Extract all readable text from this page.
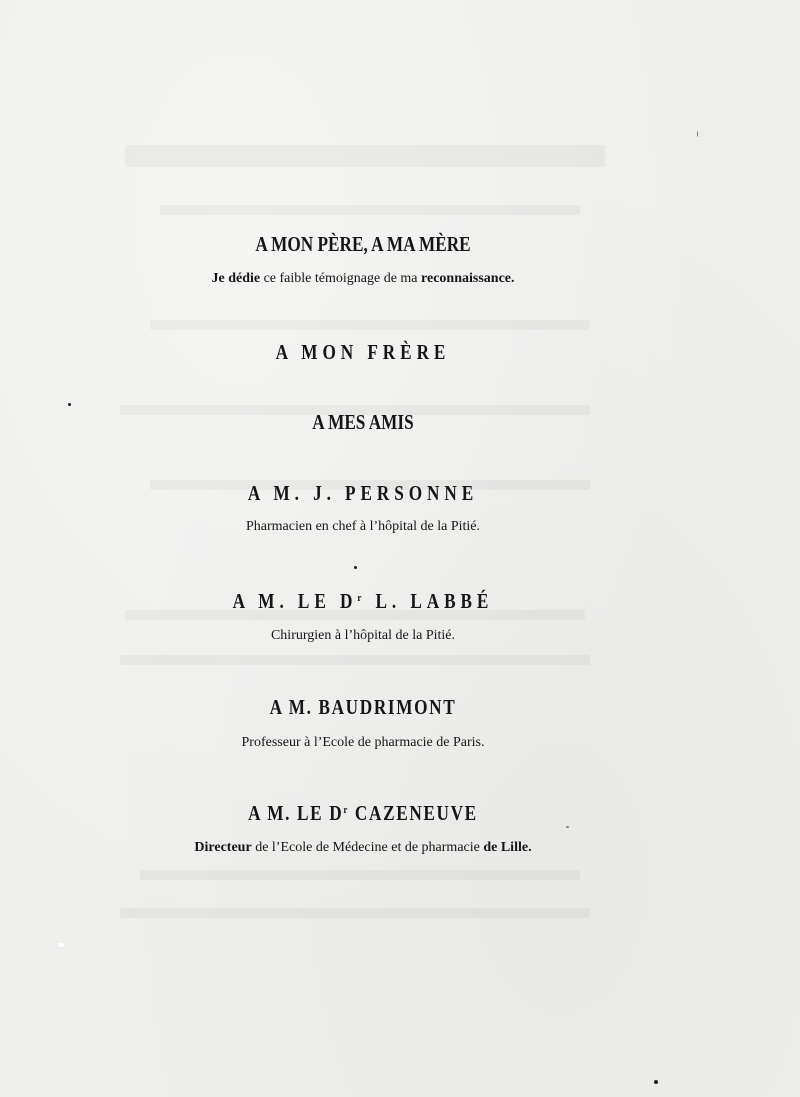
A MON PÈRE, A MA MÈRE
Je dédie ce faible témoignage de ma reconnaissance.
A MON FRÈRE
A MES AMIS
A M. J. PERSONNE
Pharmacien en chef à l’hôpital de la Pitié.
A M. LE $D^r$ L. LABBÉ
Chirurgien à l’hôpital de la Pitié.
A M. BAUDRIMONT
Professeur à l’Ecole de pharmacie de Paris.
A M. LE $D^r$ CAZENEUVE
Directeur de l’Ecole de Médecine et de pharmacie de Lille.
